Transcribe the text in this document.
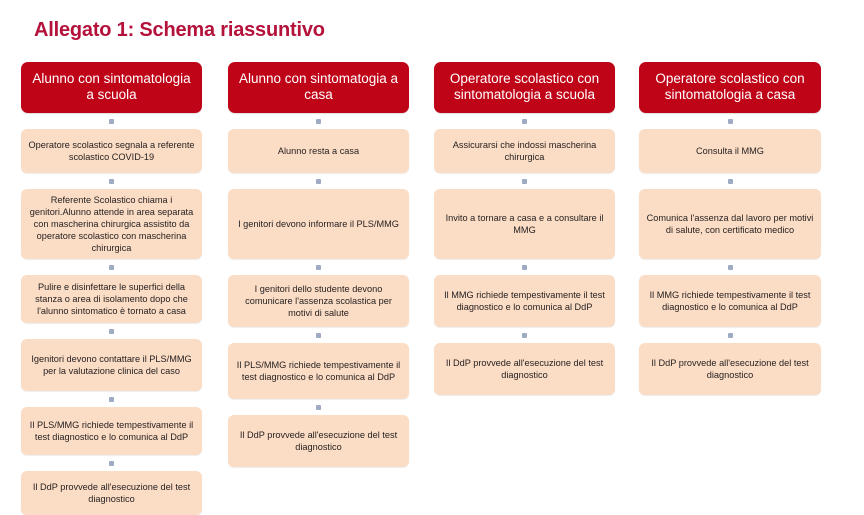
Allegato 1: Schema riassuntivo
Alunno con sintomatologia a scuola
Operatore scolastico segnala a referente scolastico COVID-19
Referente Scolastico chiama i genitori.Alunno attende in area separata con mascherina chirurgica assistito da operatore scolastico con mascherina chirurgica
Pulire e disinfettare le superfici della stanza o area di isolamento dopo che l'alunno sintomatico è tornato a casa
Igenitori devono contattare il PLS/MMG per la valutazione clinica del caso
Il PLS/MMG richiede tempestivamente il test diagnostico e lo comunica al DdP
Il DdP provvede all'esecuzione del test diagnostico
Alunno con sintomatogia a casa
Alunno resta a casa
I genitori devono informare il PLS/MMG
I genitori dello studente devono comunicare l'assenza scolastica per motivi di salute
Il PLS/MMG richiede tempestivamente il test diagnostico e lo comunica al DdP
Il DdP provvede all'esecuzione del test diagnostico
Operatore scolastico con sintomatologia a scuola
Assicurarsi che indossi mascherina chirurgica
Invito a tornare a casa e a consultare il MMG
Il MMG richiede tempestivamente il test diagnostico e lo comunica al DdP
Il DdP provvede all'esecuzione del test diagnostico
Operatore scolastico con sintomatologia a casa
Consulta il MMG
Comunica l'assenza dal lavoro per motivi di salute, con certificato medico
Il MMG richiede tempestivamente il test diagnostico e lo comunica al DdP
Il DdP provvede all'esecuzione del test diagnostico
